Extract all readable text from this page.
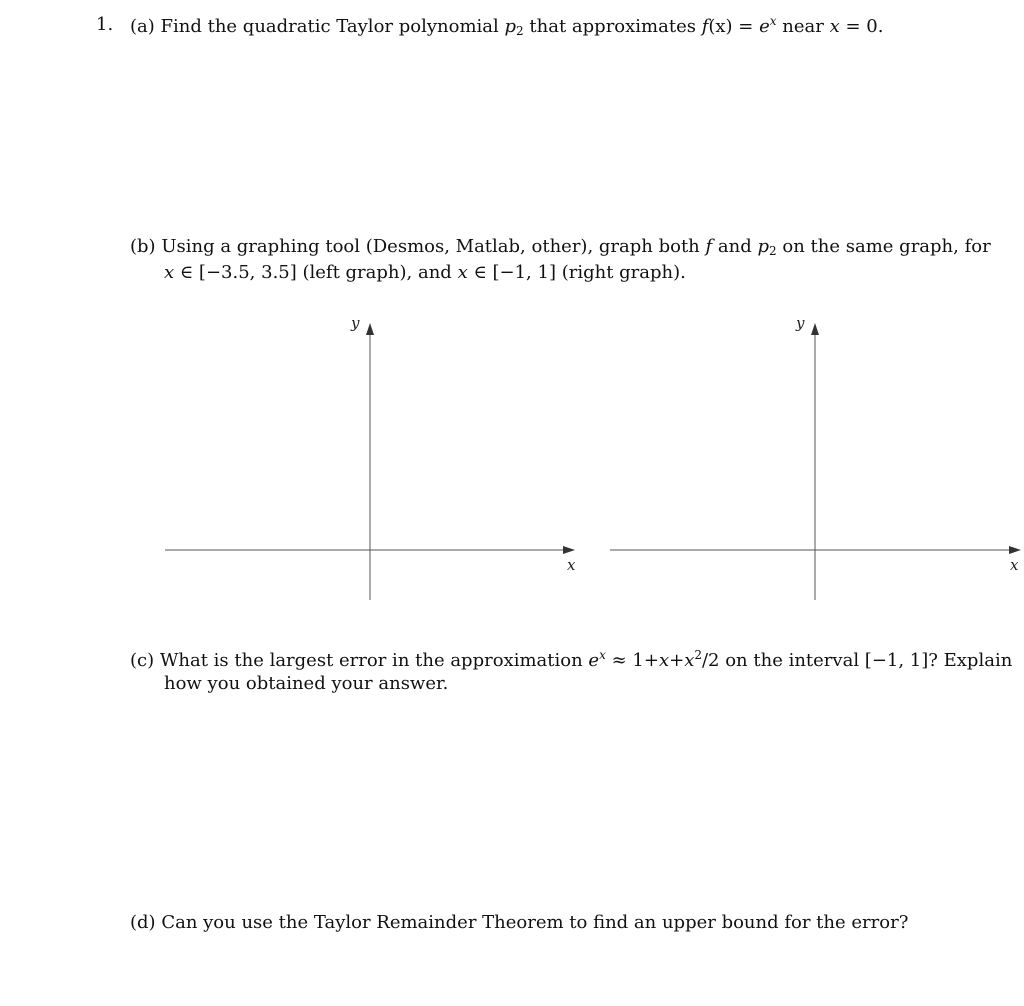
1. (a) Find the quadratic Taylor polynomial $p_2$ that approximates $f(x) = e^x$ near x = 0.
(b) Using a graphing tool (Desmos, Matlab, other), graph both f and $p_2$ on the same graph, for
x ∈ [−3.5, 3.5] (left graph), and x ∈ [−1, 1] (right graph).
y
x
y
x
(c) What is the largest error in the approximation $e^x \approx 1+x+x^2/2$ on the interval [−1, 1]? Explain
how you obtained your answer.
(d) Can you use the Taylor Remainder Theorem to find an upper bound for the error?
